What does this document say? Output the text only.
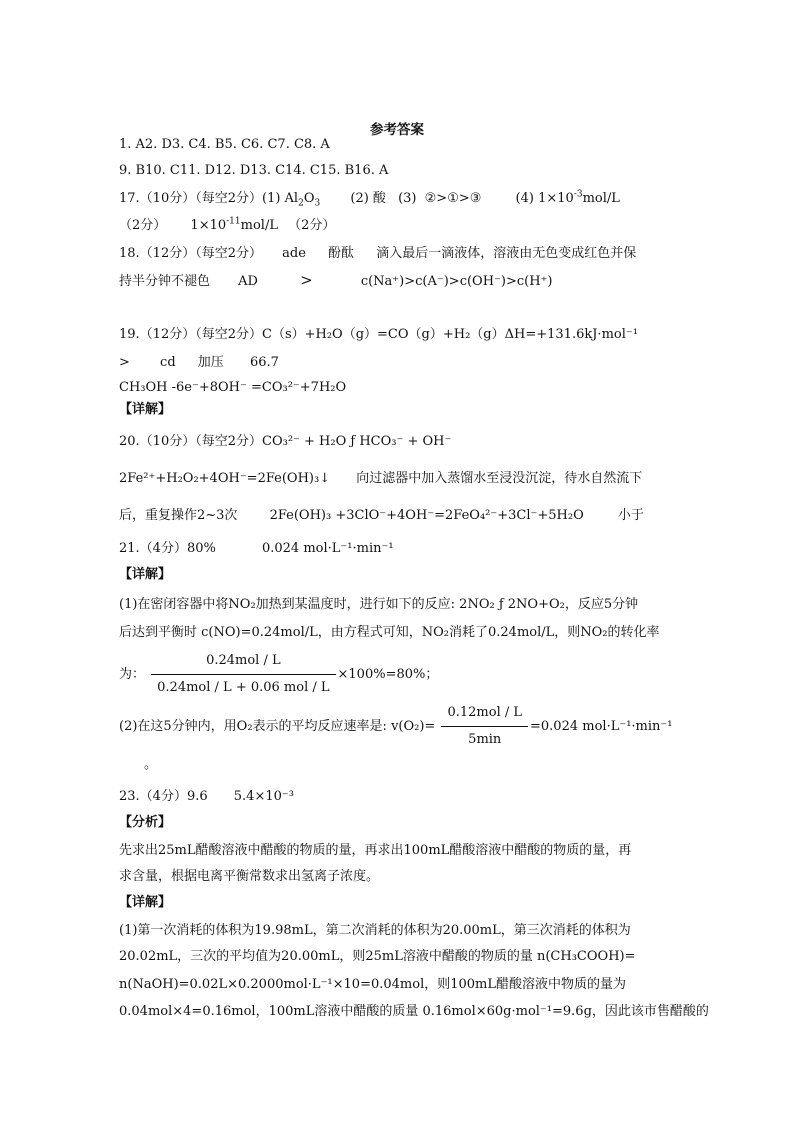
参考答案
1. A2. D3. C4. B5. C6. C7. C8. A
9. B10. C11. D12. D13. C14. C15. B16. A
17.（10分）（每空2分）(1) $Al_2O_3$ (2) 酸 (3) ②>①>③	(4) $1\times 10^{-3}mol/L$
（2分） $1\times 10^{-11}mol/L$ （2分）
18.（12分）（每空2分） ade 酚酞 滴入最后一滴液体，溶液由无色变成红色并保
持半分钟不褪色 AD	>	c(Na⁺)>c(A⁻)>c(OH⁻)>c(H⁺)
19.（12分）（每空2分）C（s）+H₂O（g）=CO（g）+H₂（g）ΔH=+131.6kJ·mol⁻¹
> cd 加压 66.7
CH₃OH -6e⁻+8OH⁻ =CO₃²⁻+7H₂O
【详解】
20.（10分）（每空2分）CO₃²⁻ + H₂O ƒ HCO₃⁻ + OH⁻
2Fe²⁺+H₂O₂+4OH⁻=2Fe(OH)₃↓ 向过滤器中加入蒸馏水至浸没沉淀，待水自然流下
后，重复操作2~3次 2Fe(OH)₃ +3ClO⁻+4OH⁻=2FeO₄²⁻+3Cl⁻+5H₂O	小于
21.（4分）80%	0.024 mol·L⁻¹·min⁻¹
【详解】
(1)在密闭容器中将NO₂加热到某温度时，进行如下的反应: 2NO₂ ƒ 2NO+O₂，反应5分钟
后达到平衡时 c(NO)=0.24mol/L，由方程式可知，NO₂消耗了0.24mol/L，则NO₂的转化率
为： $\frac{\text{0.24mol / L}}{\text{0.24mol / L + 0.06 mol / L}} \times 100\%=80\%$；
(2)在这5分钟内，用O₂表示的平均反应速率是: $v(O_2)= \frac{\text{0.12mol / L}}{5\min} =0.024$ mol·L⁻¹·min⁻¹
。
23.（4分）9.6 5.4×10⁻³
【分析】
先求出25mL醋酸溶液中醋酸的物质的量，再求出100mL醋酸溶液中醋酸的物质的量，再
求含量，根据电离平衡常数求出氢离子浓度。
【详解】
(1)第一次消耗的体积为19.98mL，第二次消耗的体积为20.00mL，第三次消耗的体积为
20.02mL，三次的平均值为20.00mL，则25mL溶液中醋酸的物质的量 n(CH₃COOH)=
n(NaOH)=0.02L×0.2000mol·L⁻¹×10=0.04mol，则100mL醋酸溶液中物质的量为
0.04mol×4=0.16mol，100mL溶液中醋酸的质量 0.16mol×60g·mol⁻¹=9.6g，因此该市售醋酸的
